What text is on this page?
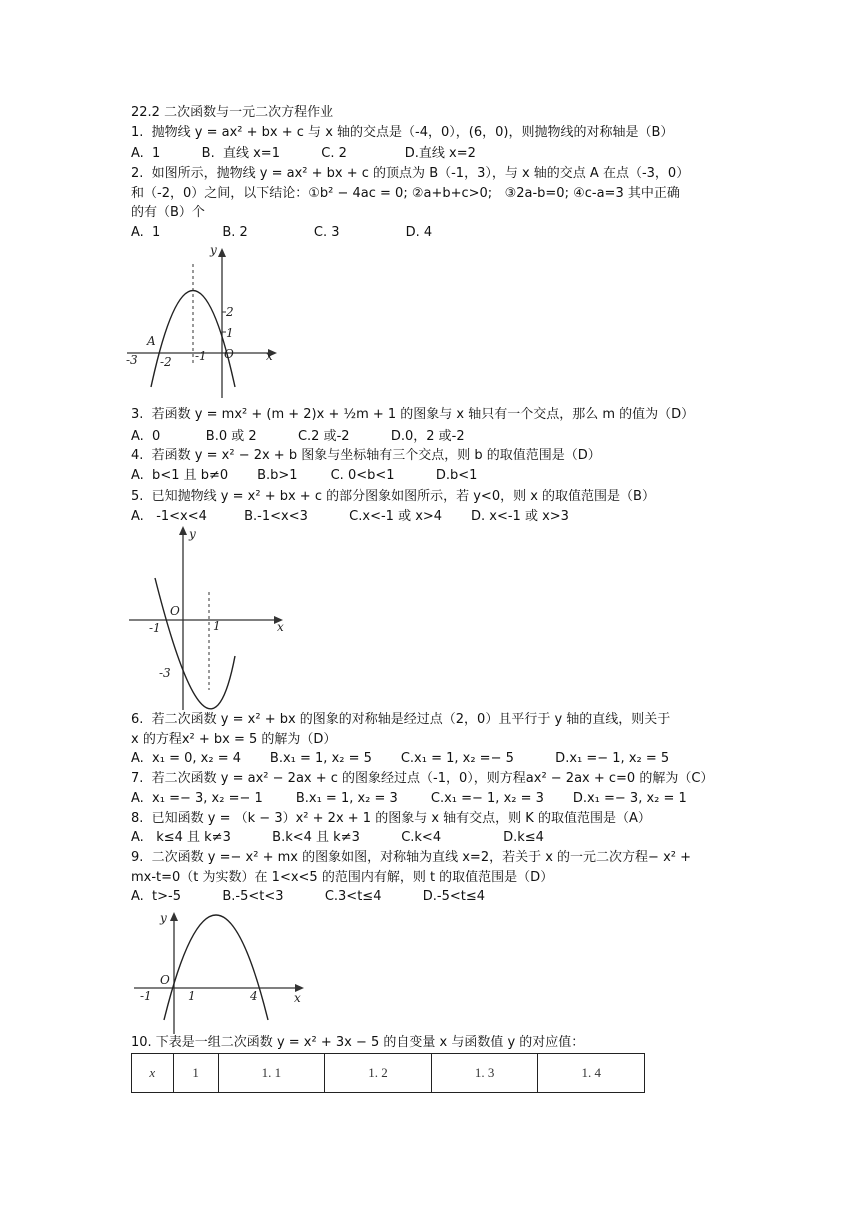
22.2 二次函数与一元二次方程作业
1.  抛物线 y = ax² + bx + c 与 x 轴的交点是（-4，0），(6，0)，则抛物线的对称轴是（B）
A.  1          B.  直线 x=1          C. 2              D.直线 x=2
2.  如图所示，抛物线 y = ax² + bx + c 的顶点为 B（-1，3），与 x 轴的交点 A 在点（-3，0）
和（-2，0）之间，以下结论：①b² − 4ac = 0; ②a+b+c>0;   ③2a-b=0; ④c-a=3 其中正确
的有（B）个
A.  1               B. 2                C. 3                D. 4
y
x
A
O
-3 -2 -1
1
2
3.  若函数 y = mx² + (m + 2)x + ½m + 1 的图象与 x 轴只有一个交点，那么 m 的值为（D）
A.  0           B.0 或 2          C.2 或-2          D.0，2 或-2
4.  若函数 y = x² − 2x + b 图象与坐标轴有三个交点，则 b 的取值范围是（D）
A.  b<1 且 b≠0       B.b>1        C. 0<b<1          D.b<1
5.  已知抛物线 y = x² + bx + c 的部分图象如图所示，若 y<0，则 x 的取值范围是（B）
A.   -1<x<4         B.-1<x<3          C.x<-1 或 x>4       D. x<-1 或 x>3
y
x
O
-1	1
-3
6.  若二次函数 y = x² + bx 的图象的对称轴是经过点（2，0）且平行于 y 轴的直线，则关于
x 的方程x² + bx = 5 的解为（D）
A.  x₁ = 0, x₂ = 4       B.x₁ = 1, x₂ = 5       C.x₁ = 1, x₂ =− 5          D.x₁ =− 1, x₂ = 5
7.  若二次函数 y = ax² − 2ax + c 的图象经过点（-1，0），则方程ax² − 2ax + c=0 的解为（C）
A.  x₁ =− 3, x₂ =− 1        B.x₁ = 1, x₂ = 3        C.x₁ =− 1, x₂ = 3       D.x₁ =− 3, x₂ = 1
8.  已知函数 y = （k − 3）x² + 2x + 1 的图象与 x 轴有交点，则 K 的取值范围是（A）
A.   k≤4 且 k≠3          B.k<4 且 k≠3          C.k<4               D.k≤4
9.  二次函数 y =− x² + mx 的图象如图，对称轴为直线 x=2，若关于 x 的一元二次方程− x² +
mx-t=0（t 为实数）在 1<x<5 的范围内有解，则 t 的取值范围是（D）
A.  t>-5          B.-5<t<3          C.3<t≤4          D.-5<t≤4
y
x
O
-1	1	4
10. 下表是一组二次函数 y = x² + 3x − 5 的自变量 x 与函数值 y 的对应值：
x	1	1. 1	1. 2	1. 3	1. 4
